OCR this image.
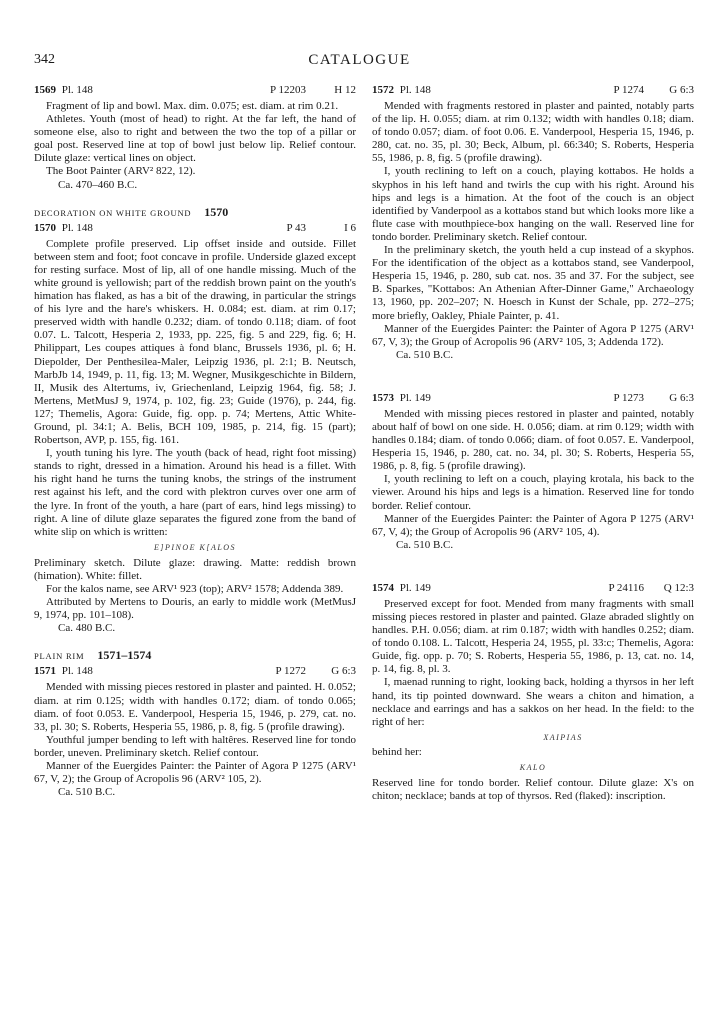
342	CATALOGUE
1569 Pl. 148	P 12203	H 12

Fragment of lip and bowl. Max. dim. 0.075; est. diam. at rim 0.21.

Athletes. Youth (most of head) to right. At the far left, the hand of someone else, also to right and between the two the top of a pillar or goal post. Reserved line at top of bowl just below lip. Relief contour. Dilute glaze: vertical lines on object.

The Boot Painter (ARV² 822, 12).

Ca. 470–460 B.C.

DECORATION ON WHITE GROUND 1570
1570 Pl. 148	P 43	I 6

Complete profile preserved. Lip offset inside and outside. Fillet between stem and foot; foot concave in profile. Underside glazed except for resting surface. Most of lip, all of one handle missing. Much of the white ground is yellowish; part of the reddish brown paint on the youth's himation has flaked, as has a bit of the drawing, in particular the strings of his lyre and the hare's whiskers. H. 0.084; est. diam. at rim 0.17; preserved width with handle 0.232; diam. of tondo 0.118; diam. of foot 0.07. L. Talcott, Hesperia 2, 1933, pp. 225, fig. 5 and 229, fig. 6; H. Philippart, Les coupes attiques à fond blanc, Brussels 1936, pl. 6; H. Diepolder, Der Penthesilea-Maler, Leipzig 1936, pl. 2:1; B. Neutsch, MarbJb 14, 1949, p. 11, fig. 13; M. Wegner, Musikgeschichte in Bildern, II, Musik des Altertums, iv, Griechenland, Leipzig 1964, fig. 58; J. Mertens, MetMusJ 9, 1974, p. 102, fig. 23; Guide (1976), p. 244, fig. 127; Themelis, Agora: Guide, fig. opp. p. 74; Mertens, Attic White-Ground, pl. 34:1; A. Belis, BCH 109, 1985, p. 214, fig. 15 (part); Robertson, AVP, p. 155, fig. 161.

I, youth tuning his lyre. The youth (back of head, right foot missing) stands to right, dressed in a himation. Around his head is a fillet. With his right hand he turns the tuning knobs, the strings of the instrument rest against his left, and the cord with plektron curves over one arm of the lyre. In front of the youth, a hare (part of ears, hind legs missing) to right. A line of dilute glaze separates the figured zone from the band of white slip on which is written:

E]PINOE K[ALOS

Preliminary sketch. Dilute glaze: drawing. Matte: reddish brown (himation). White: fillet.

For the kalos name, see ARV¹ 923 (top); ARV² 1578; Addenda 389.

Attributed by Mertens to Douris, an early to middle work (MetMusJ 9, 1974, pp. 101–108).

Ca. 480 B.C.

PLAIN RIM 1571–1574
1571 Pl. 148	P 1272 G 6:3

Mended with missing pieces restored in plaster and painted. H. 0.052; diam. at rim 0.125; width with handles 0.172; diam. of tondo 0.065; diam. of foot 0.053. E. Vanderpool, Hesperia 15, 1946, p. 279, cat. no. 33, pl. 30; S. Roberts, Hesperia 55, 1986, p. 8, fig. 5 (profile drawing).

Youthful jumper bending to left with haltêres. Reserved line for tondo border, uneven. Preliminary sketch. Relief contour.

Manner of the Euergides Painter: the Painter of Agora P 1275 (ARV¹ 67, V, 2); the Group of Acropolis 96 (ARV² 105, 2).

Ca. 510 B.C.

1572 Pl. 148	P 1274 G 6:3

Mended with fragments restored in plaster and painted, notably parts of the lip. H. 0.055; diam. at rim 0.132; width with handles 0.18; diam. of tondo 0.057; diam. of foot 0.06. E. Vanderpool, Hesperia 15, 1946, p. 280, cat. no. 35, pl. 30; Beck, Album, pl. 66:340; S. Roberts, Hesperia 55, 1986, p. 8, fig. 5 (profile drawing).

I, youth reclining to left on a couch, playing kottabos. He holds a skyphos in his left hand and twirls the cup with his right. Around his hips and legs is a himation. At the foot of the couch is an object identified by Vanderpool as a kottabos stand but which looks more like a flute case with mouthpiece-box hanging on the wall. Reserved line for tondo border. Preliminary sketch. Relief contour.

In the preliminary sketch, the youth held a cup instead of a skyphos. For the identification of the object as a kottabos stand, see Vanderpool, Hesperia 15, 1946, p. 280, sub cat. nos. 35 and 37. For the subject, see B. Sparkes, "Kottabos: An Athenian After-Dinner Game," Archaeology 13, 1960, pp. 202–207; N. Hoesch in Kunst der Schale, pp. 272–275; more briefly, Oakley, Phiale Painter, p. 41.

Manner of the Euergides Painter: the Painter of Agora P 1275 (ARV¹ 67, V, 3); the Group of Acropolis 96 (ARV² 105, 3; Addenda 172).

Ca. 510 B.C.

1573 Pl. 149	P 1273 G 6:3

Mended with missing pieces restored in plaster and painted, notably about half of bowl on one side. H. 0.056; diam. at rim 0.129; width with handles 0.184; diam. of tondo 0.066; diam. of foot 0.057. E. Vanderpool, Hesperia 15, 1946, p. 280, cat. no. 34, pl. 30; S. Roberts, Hesperia 55, 1986, p. 8, fig. 5 (profile drawing).

I, youth reclining to left on a couch, playing krotala, his back to the viewer. Around his hips and legs is a himation. Reserved line for tondo border. Relief contour.

Manner of the Euergides Painter: the Painter of Agora P 1275 (ARV¹ 67, V, 4); the Group of Acropolis 96 (ARV² 105, 4).

Ca. 510 B.C.

1574 Pl. 149	P 24116 Q 12:3

Preserved except for foot. Mended from many fragments with small missing pieces restored in plaster and painted. Glaze abraded slightly on handles. P.H. 0.056; diam. at rim 0.187; width with handles 0.252; diam. of tondo 0.108. L. Talcott, Hesperia 24, 1955, pl. 33:c; Themelis, Agora: Guide, fig. opp. p. 70; S. Roberts, Hesperia 55, 1986, p. 13, cat. no. 14, p. 14, fig. 8, pl. 3.

I, maenad running to right, looking back, holding a thyrsos in her left hand, its tip pointed downward. She wears a chiton and himation, a necklace and earrings and has a sakkos on her head. In the field: to the right of her:

XAIPIAS

behind her:

KALO

Reserved line for tondo border. Relief contour. Dilute glaze: X's on chiton; necklace; bands at top of thyrsos. Red (flaked): inscription.
